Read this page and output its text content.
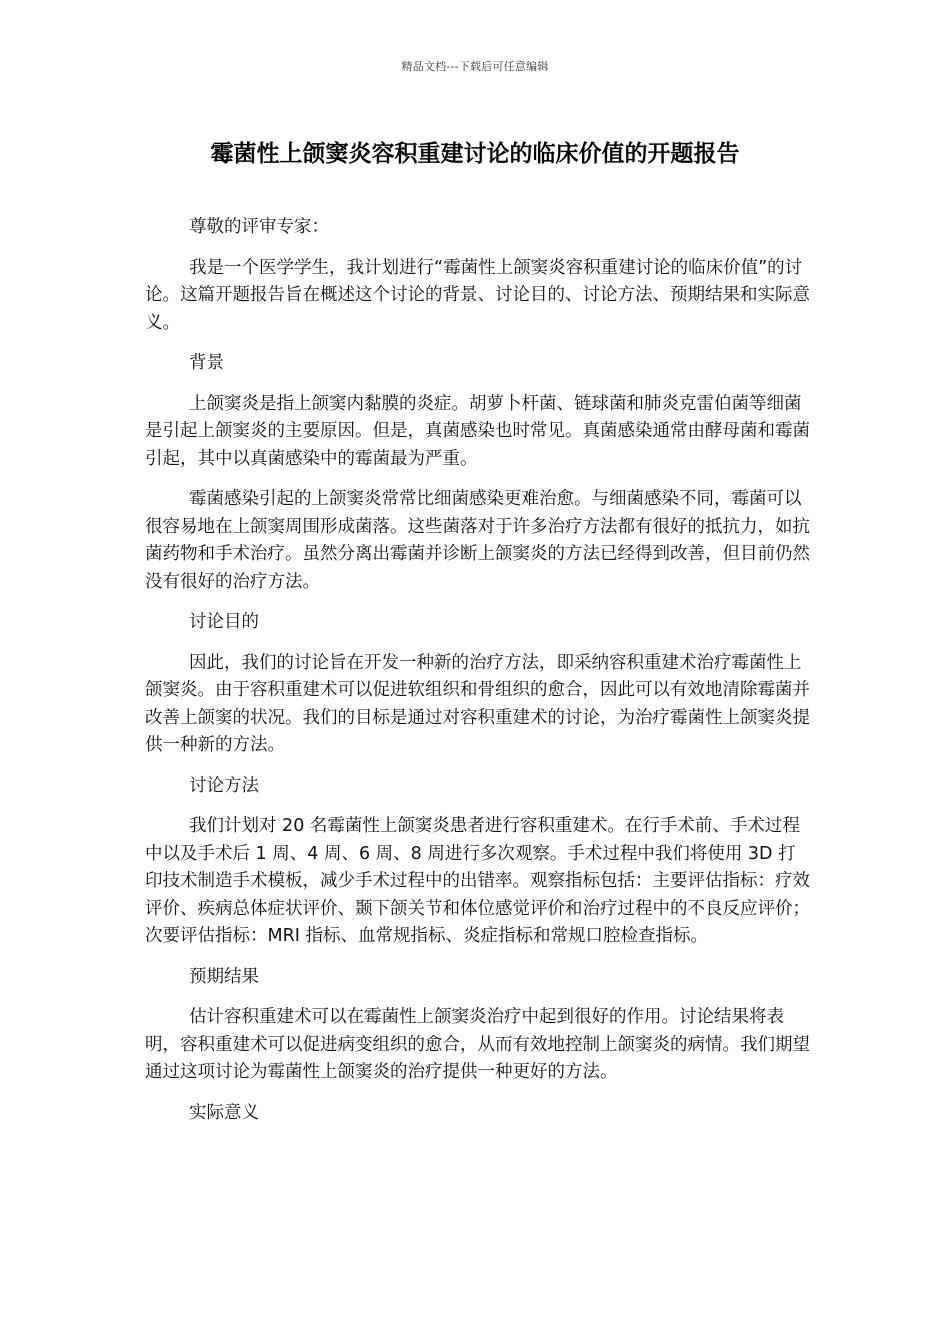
精品文档---下载后可任意编辑
霉菌性上颌窦炎容积重建讨论的临床价值的开题报告

尊敬的评审专家：

我是一个医学学生，我计划进行“霉菌性上颌窦炎容积重建讨论的临床价值”的讨论。这篇开题报告旨在概述这个讨论的背景、讨论目的、讨论方法、预期结果和实际意义。

背景

上颌窦炎是指上颌窦内黏膜的炎症。胡萝卜杆菌、链球菌和肺炎克雷伯菌等细菌是引起上颌窦炎的主要原因。但是，真菌感染也时常见。真菌感染通常由酵母菌和霉菌引起，其中以真菌感染中的霉菌最为严重。

霉菌感染引起的上颌窦炎常常比细菌感染更难治愈。与细菌感染不同，霉菌可以很容易地在上颌窦周围形成菌落。这些菌落对于许多治疗方法都有很好的抵抗力，如抗菌药物和手术治疗。虽然分离出霉菌并诊断上颌窦炎的方法已经得到改善，但目前仍然没有很好的治疗方法。

讨论目的

因此，我们的讨论旨在开发一种新的治疗方法，即采纳容积重建术治疗霉菌性上颌窦炎。由于容积重建术可以促进软组织和骨组织的愈合，因此可以有效地清除霉菌并改善上颌窦的状况。我们的目标是通过对容积重建术的讨论，为治疗霉菌性上颌窦炎提供一种新的方法。

讨论方法

我们计划对 20 名霉菌性上颌窦炎患者进行容积重建术。在行手术前、手术过程中以及手术后 1 周、4 周、6 周、8 周进行多次观察。手术过程中我们将使用 3D 打印技术制造手术模板，减少手术过程中的出错率。观察指标包括：主要评估指标：疗效评价、疾病总体症状评价、颞下颌关节和体位感觉评价和治疗过程中的不良反应评价；次要评估指标：MRI 指标、血常规指标、炎症指标和常规口腔检查指标。

预期结果

估计容积重建术可以在霉菌性上颌窦炎治疗中起到很好的作用。讨论结果将表明，容积重建术可以促进病变组织的愈合，从而有效地控制上颌窦炎的病情。我们期望通过这项讨论为霉菌性上颌窦炎的治疗提供一种更好的方法。

实际意义
